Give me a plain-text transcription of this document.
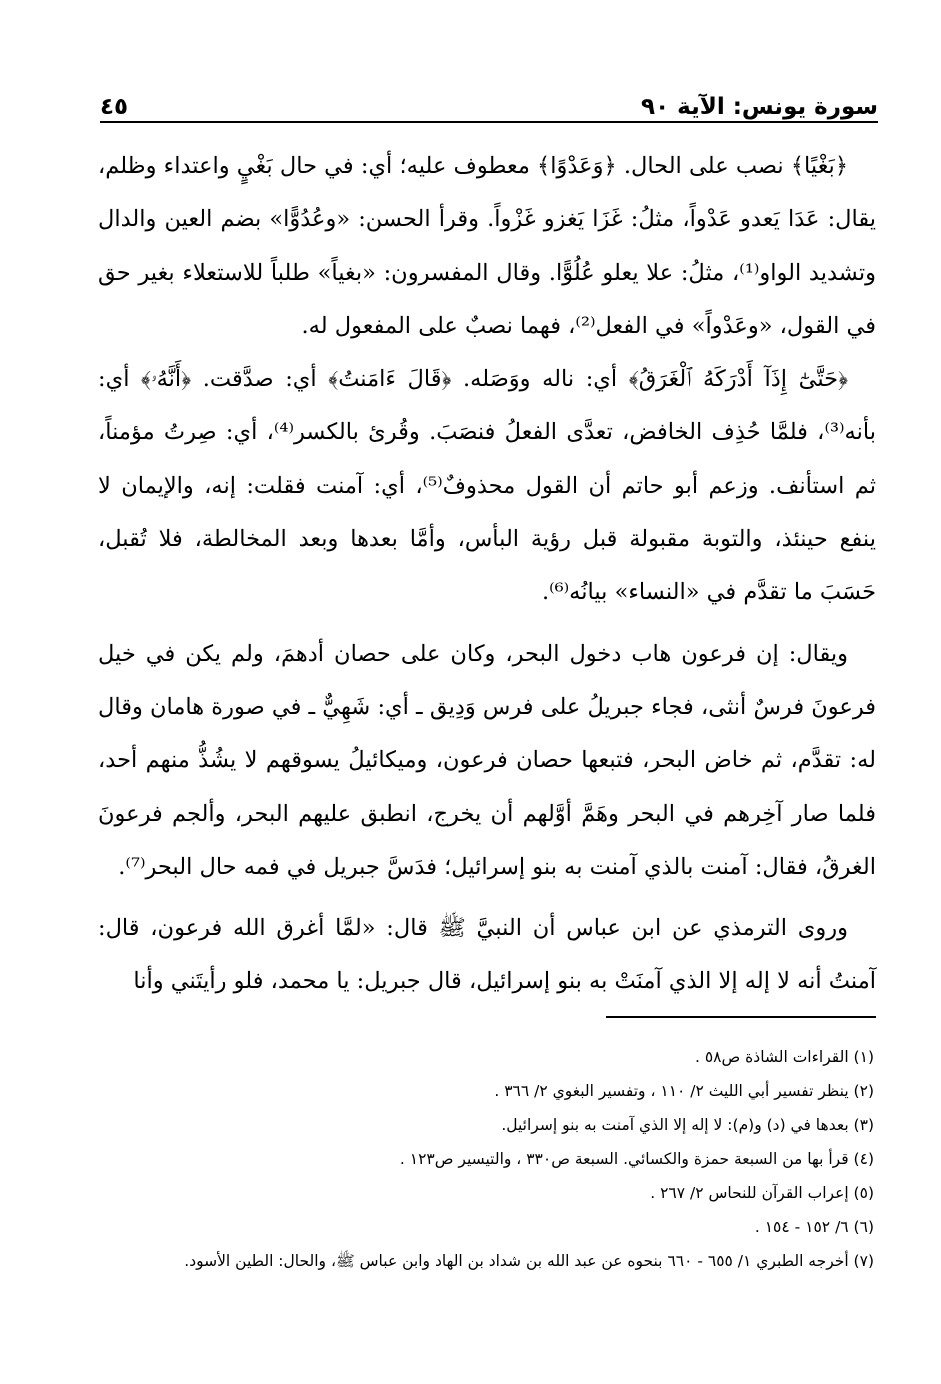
سورة يونس: الآية ٩٠
٤٥

﴿بَغْيًا﴾ نصب على الحال. ﴿وَعَدْوًا﴾ معطوف عليه؛ أي: في حال بَغْيٍ واعتداء وظلم، يقال: عَدَا يَعدو عَدْواً، مثلُ: غَزَا يَغزو غَزْواً. وقرأ الحسن: «وعُدُوًّا» بضم العين والدال وتشديد الواو⁽¹⁾، مثلُ: علا يعلو عُلُوًّا. وقال المفسرون: «بغياً» طلباً للاستعلاء بغير حق في القول، «وعَدْواً» في الفعل⁽²⁾، فهما نصبٌ على المفعول له.

﴿حَتَّىٰٓ إِذَآ أَدْرَكَهُ ٱلْغَرَقُ﴾ أي: ناله ووَصَله. ﴿قَالَ ءَامَنتُ﴾ أي: صدَّقت. ﴿أَنَّهُۥ﴾ أي: بأنه⁽³⁾، فلمَّا حُذِف الخافض، تعدَّى الفعلُ فنصَبَ. وقُرئ بالكسر⁽⁴⁾، أي: صِرتُ مؤمناً، ثم استأنف. وزعم أبو حاتم أن القول محذوفٌ⁽⁵⁾، أي: آمنت فقلت: إنه، والإيمان لا ينفع حينئذ، والتوبة مقبولة قبل رؤية البأس، وأمَّا بعدها وبعد المخالطة، فلا تُقبل، حَسَبَ ما تقدَّم في «النساء» بيانُه⁽⁶⁾.

ويقال: إن فرعون هاب دخول البحر، وكان على حصان أدهمَ، ولم يكن في خيل فرعونَ فرسٌ أنثى، فجاء جبريلُ على فرس وَدِيق ـ أي: شَهِيٌّ ـ في صورة هامان وقال له: تقدَّم، ثم خاض البحر، فتبعها حصان فرعون، وميكائيلُ يسوقهم لا يشُذُّ منهم أحد، فلما صار آخِرهم في البحر وهَمَّ أوَّلهم أن يخرج، انطبق عليهم البحر، وألجم فرعونَ الغرقُ، فقال: آمنت بالذي آمنت به بنو إسرائيل؛ فدَسَّ جبريل في فمه حال البحر⁽⁷⁾.

وروى الترمذي عن ابن عباس أن النبيَّ ﷺ قال: «لمَّا أغرق الله فرعون، قال: آمنتُ أنه لا إله إلا الذي آمنَتْ به بنو إسرائيل، قال جبريل: يا محمد، فلو رأيتَني وأنا

(١) القراءات الشاذة ص٥٨ .

(٢) ينظر تفسير أبي الليث ٢/ ١١٠ ، وتفسير البغوي ٢/ ٣٦٦ .

(٣) بعدها في (د) و(م): لا إله إلا الذي آمنت به بنو إسرائيل.

(٤) قرأ بها من السبعة حمزة والكسائي. السبعة ص٣٣٠ ، والتيسير ص١٢٣ .

(٥) إعراب القرآن للنحاس ٢/ ٢٦٧ .

(٦) ٦/ ١٥٢ - ١٥٤ .

(٧) أخرجه الطبري ١/ ٦٥٥ - ٦٦٠ بنحوه عن عبد الله بن شداد بن الهاد وابن عباس ﷺ، والحال: الطين الأسود.
